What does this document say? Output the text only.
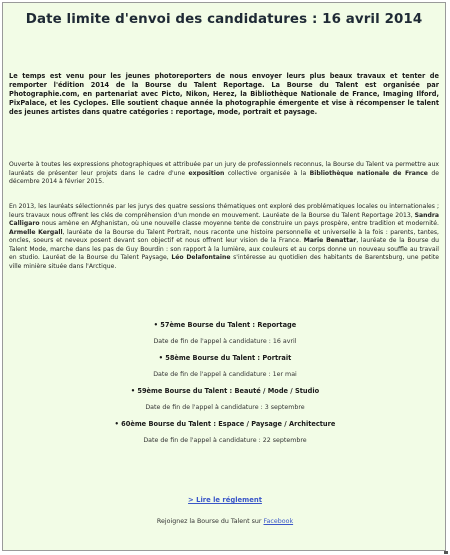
Date limite d'envoi des candidatures : 16 avril 2014
Le temps est venu pour les jeunes photoreporters de nous envoyer leurs plus beaux travaux et tenter de remporter l'édition 2014 de la Bourse du Talent Reportage. La Bourse du Talent est organisée par Photographie.com, en partenariat avec Picto, Nikon, Herez, la Bibliothèque Nationale de France, Imaging Ilford, PixPalace, et les Cyclopes. Elle soutient chaque année la photographie émergente et vise à récompenser le talent des jeunes artistes dans quatre catégories : reportage, mode, portrait et paysage.
Ouverte à toutes les expressions photographiques et attribuée par un jury de professionnels reconnus, la Bourse du Talent va permettre aux lauréats de présenter leur projets dans le cadre d'une exposition collective organisée à la Bibliothèque nationale de France de décembre 2014 à février 2015.
En 2013, les lauréats sélectionnés par les jurys des quatre sessions thématiques ont exploré des problématiques locales ou internationales ; leurs travaux nous offrent les clés de compréhension d'un monde en mouvement. Lauréate de la Bourse du Talent Reportage 2013, Sandra Calligaro nous amène en Afghanistan, où une nouvelle classe moyenne tente de construire un pays prospère, entre tradition et modernité. Armelle Kergall, lauréate de la Bourse du Talent Portrait, nous raconte une histoire personnelle et universelle à la fois : parents, tantes, oncles, soeurs et neveux posent devant son objectif et nous offrent leur vision de la France. Marie Benattar, lauréate de la Bourse du Talent Mode, marche dans les pas de Guy Bourdin : son rapport à la lumière, aux couleurs et au corps donne un nouveau souffle au travail en studio. Lauréat de la Bourse du Talent Paysage, Léo Delafontaine s'intéresse au quotidien des habitants de Barentsburg, une petite ville minière située dans l'Arctique.
• 57ème Bourse du Talent : Reportage
Date de fin de l'appel à candidature : 16 avril
• 58ème Bourse du Talent : Portrait
Date de fin de l'appel à candidature : 1er mai
• 59ème Bourse du Talent : Beauté / Mode / Studio
Date de fin de l'appel à candidature : 3 septembre
• 60ème Bourse du Talent : Espace / Paysage / Architecture
Date de fin de l'appel à candidature : 22 septembre
> Lire le réglement
Rejoignez la Bourse du Talent sur Facebook
